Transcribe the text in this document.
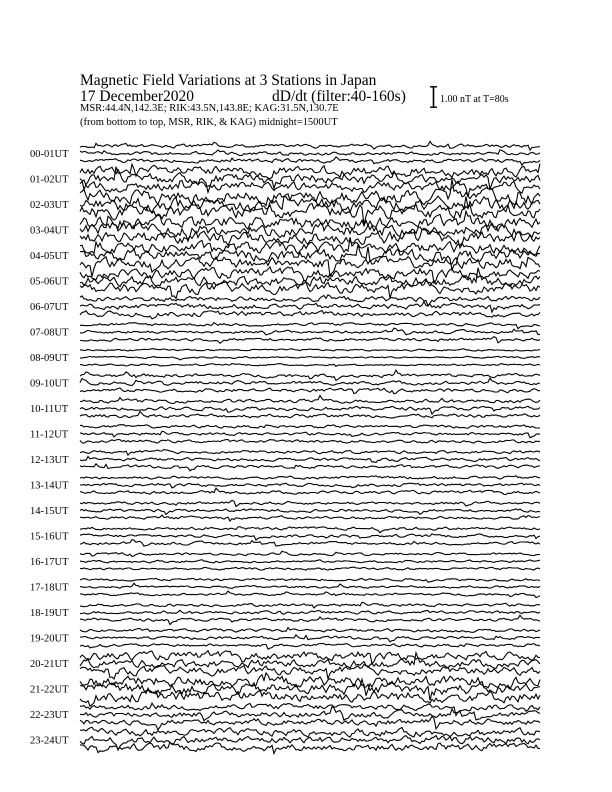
Magnetic Field Variations at 3 Stations in Japan
17 December2020	dD/dt (filter:40-160s)
MSR:44.4N,142.3E; RIK:43.5N,143.8E; KAG:31.5N,130.7E
(from bottom to top, MSR, RIK, & KAG) midnight=1500UT
1.00 nT at T=80s
00-01UT
01-02UT
02-03UT
03-04UT
04-05UT
05-06UT
06-07UT
07-08UT
08-09UT
09-10UT
10-11UT
11-12UT
12-13UT
13-14UT
14-15UT
15-16UT
16-17UT
17-18UT
18-19UT
19-20UT
20-21UT
21-22UT
22-23UT
23-24UT
